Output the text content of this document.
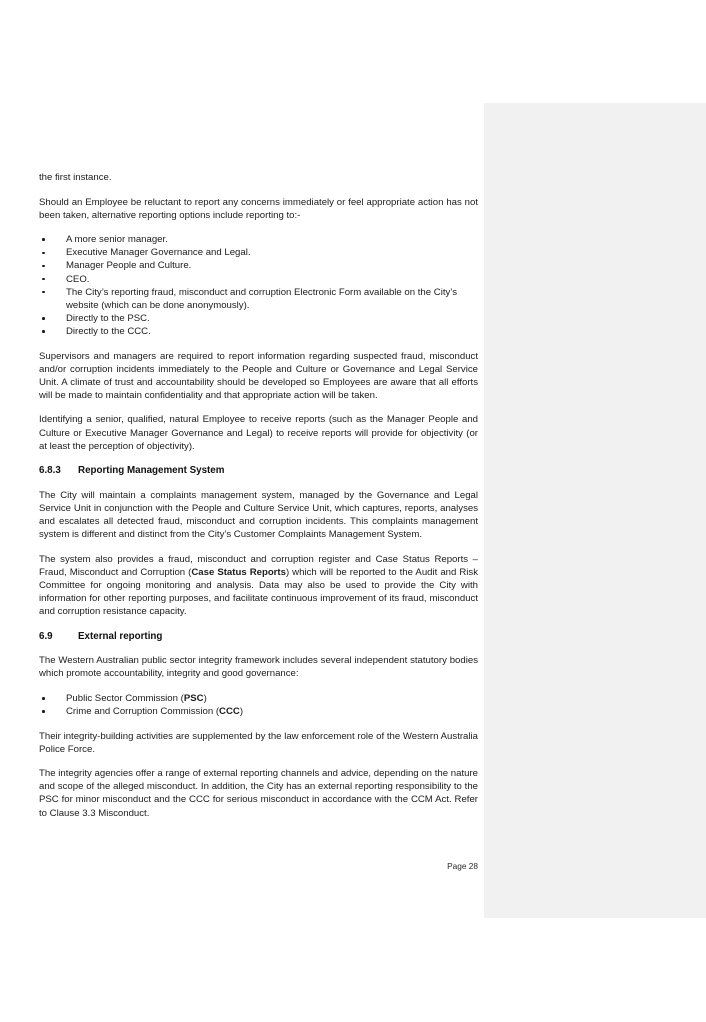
the first instance.

Should an Employee be reluctant to report any concerns immediately or feel appropriate action has not been taken, alternative reporting options include reporting to:-

A more senior manager.
Executive Manager Governance and Legal.
Manager People and Culture.
CEO.
The City’s reporting fraud, misconduct and corruption Electronic Form available on the City’s website (which can be done anonymously).
Directly to the PSC.
Directly to the CCC.

Supervisors and managers are required to report information regarding suspected fraud, misconduct and/or corruption incidents immediately to the People and Culture or Governance and Legal Service Unit. A climate of trust and accountability should be developed so Employees are aware that all efforts will be made to maintain confidentiality and that appropriate action will be taken.

Identifying a senior, qualified, natural Employee to receive reports (such as the Manager People and Culture or Executive Manager Governance and Legal) to receive reports will provide for objectivity (or at least the perception of objectivity).

6.8.3 Reporting Management System

The City will maintain a complaints management system, managed by the Governance and Legal Service Unit in conjunction with the People and Culture Service Unit, which captures, reports, analyses and escalates all detected fraud, misconduct and corruption incidents. This complaints management system is different and distinct from the City’s Customer Complaints Management System.

The system also provides a fraud, misconduct and corruption register and Case Status Reports – Fraud, Misconduct and Corruption (Case Status Reports) which will be reported to the Audit and Risk Committee for ongoing monitoring and analysis. Data may also be used to provide the City with information for other reporting purposes, and facilitate continuous improvement of its fraud, misconduct and corruption resistance capacity.

6.9	External reporting

The Western Australian public sector integrity framework includes several independent statutory bodies which promote accountability, integrity and good governance:

Public Sector Commission (PSC)
Crime and Corruption Commission (CCC)

Their integrity-building activities are supplemented by the law enforcement role of the Western Australia Police Force.

The integrity agencies offer a range of external reporting channels and advice, depending on the nature and scope of the alleged misconduct. In addition, the City has an external reporting responsibility to the PSC for minor misconduct and the CCC for serious misconduct in accordance with the CCM Act. Refer to Clause 3.3 Misconduct.

Page 28
